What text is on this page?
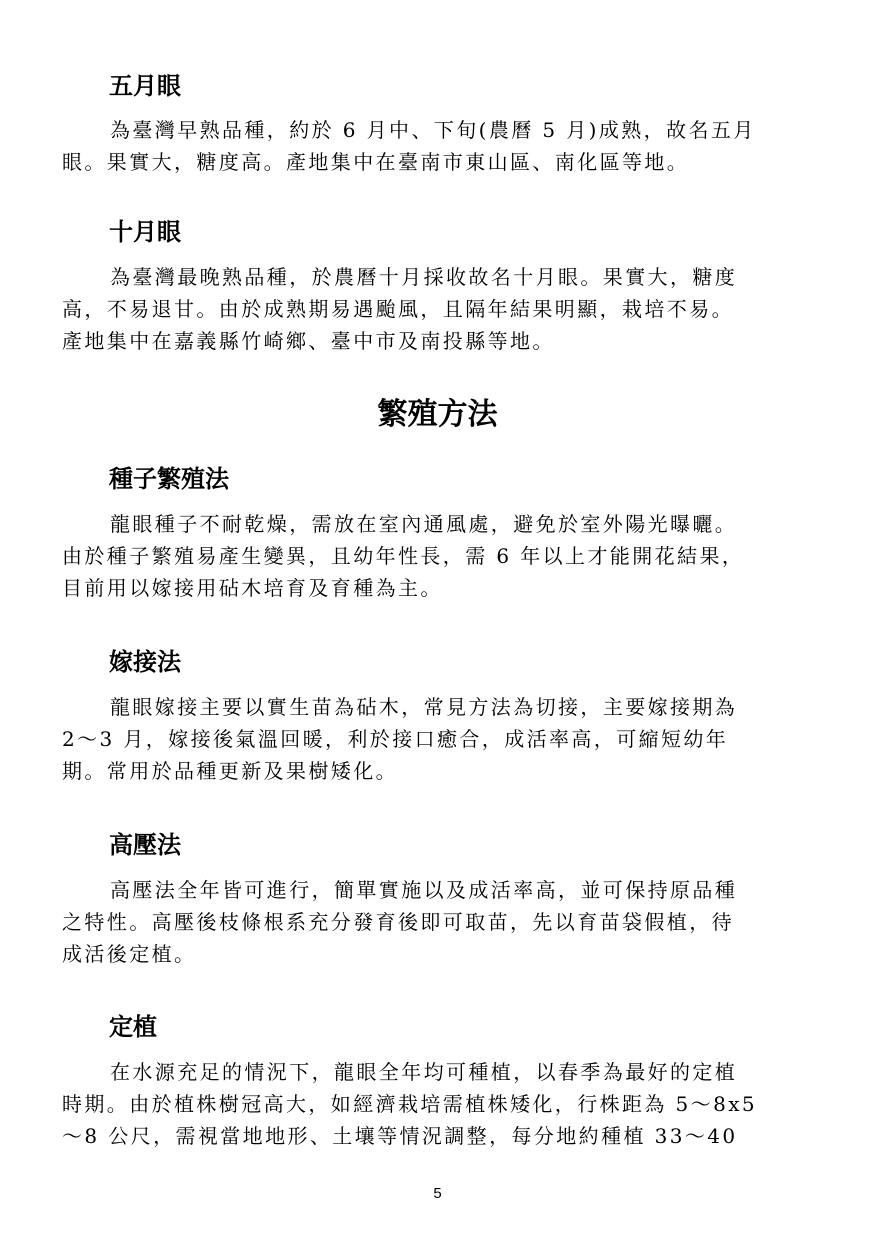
五月眼
為臺灣早熟品種，約於 6 月中、下旬(農曆 5 月)成熟，故名五月
眼。果實大，糖度高。產地集中在臺南市東山區、南化區等地。
十月眼
為臺灣最晚熟品種，於農曆十月採收故名十月眼。果實大，糖度
高，不易退甘。由於成熟期易遇颱風，且隔年結果明顯，栽培不易。
產地集中在嘉義縣竹崎鄉、臺中市及南投縣等地。
繁殖方法
種子繁殖法
龍眼種子不耐乾燥，需放在室內通風處，避免於室外陽光曝曬。
由於種子繁殖易產生變異，且幼年性長，需 6 年以上才能開花結果，
目前用以嫁接用砧木培育及育種為主。
嫁接法
龍眼嫁接主要以實生苗為砧木，常見方法為切接，主要嫁接期為
2～3 月，嫁接後氣溫回暖，利於接口癒合，成活率高，可縮短幼年
期。常用於品種更新及果樹矮化。
高壓法
高壓法全年皆可進行，簡單實施以及成活率高，並可保持原品種
之特性。高壓後枝條根系充分發育後即可取苗，先以育苗袋假植，待
成活後定植。
定植
在水源充足的情況下，龍眼全年均可種植，以春季為最好的定植
時期。由於植株樹冠高大，如經濟栽培需植株矮化，行株距為 5～8x5
～8 公尺，需視當地地形、土壤等情況調整，每分地約種植 33～40
5
